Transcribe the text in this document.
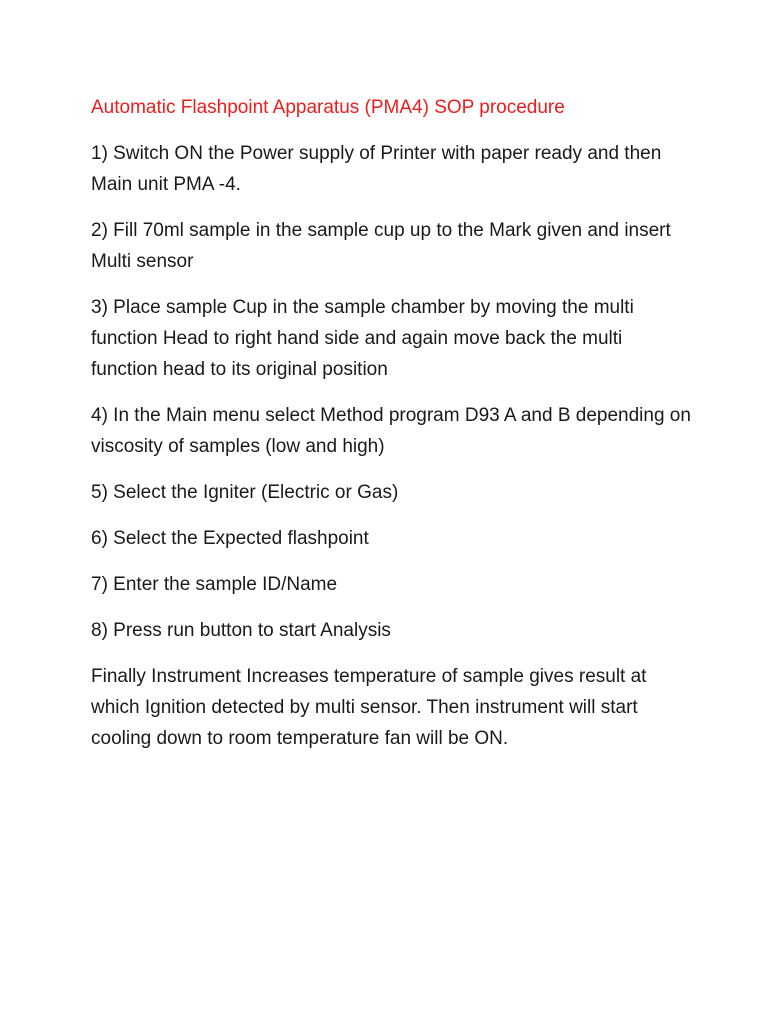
Automatic Flashpoint Apparatus (PMA4) SOP procedure

1) Switch ON the Power supply of Printer with paper ready and then Main unit PMA -4.

2) Fill 70ml sample in the sample cup up to the Mark given and insert Multi sensor

3) Place sample Cup in the sample chamber by moving the multi function Head to right hand side and again move back the multi function head to its original position

4) In the Main menu select Method program D93 A and B depending on viscosity of samples (low and high)

5) Select the Igniter (Electric or Gas)

6) Select the Expected flashpoint

7) Enter the sample ID/Name

8) Press run button to start Analysis

Finally Instrument Increases temperature of sample gives result at which Ignition detected by multi sensor. Then instrument will start cooling down to room temperature fan will be ON.
